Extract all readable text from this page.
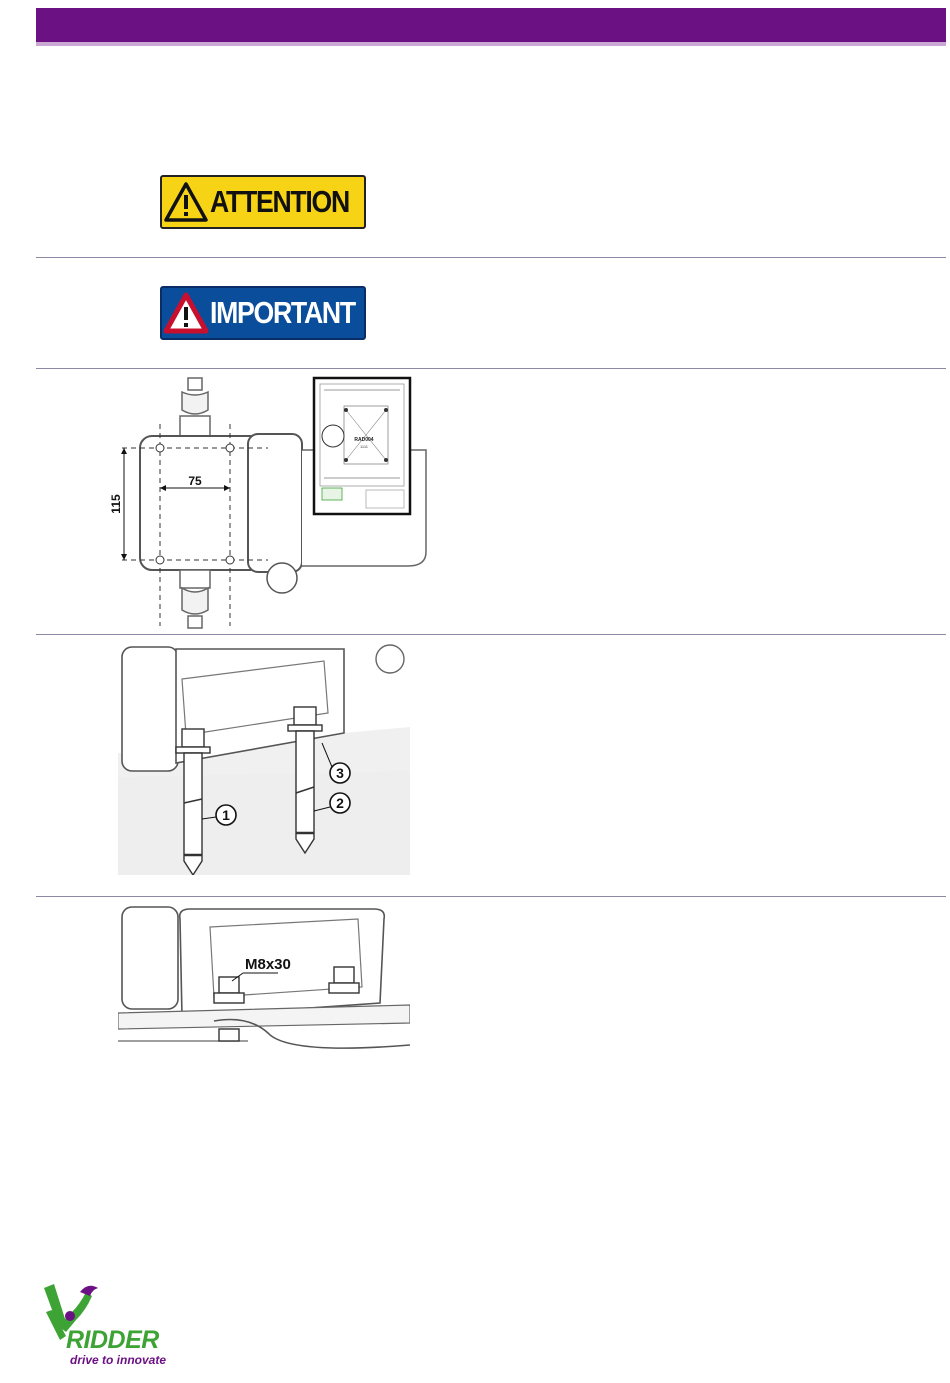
ATTENTION
IMPORTANT
75
115
RAD004
1111
1
2
3
M8x30
RIDDER
drive to innovate
